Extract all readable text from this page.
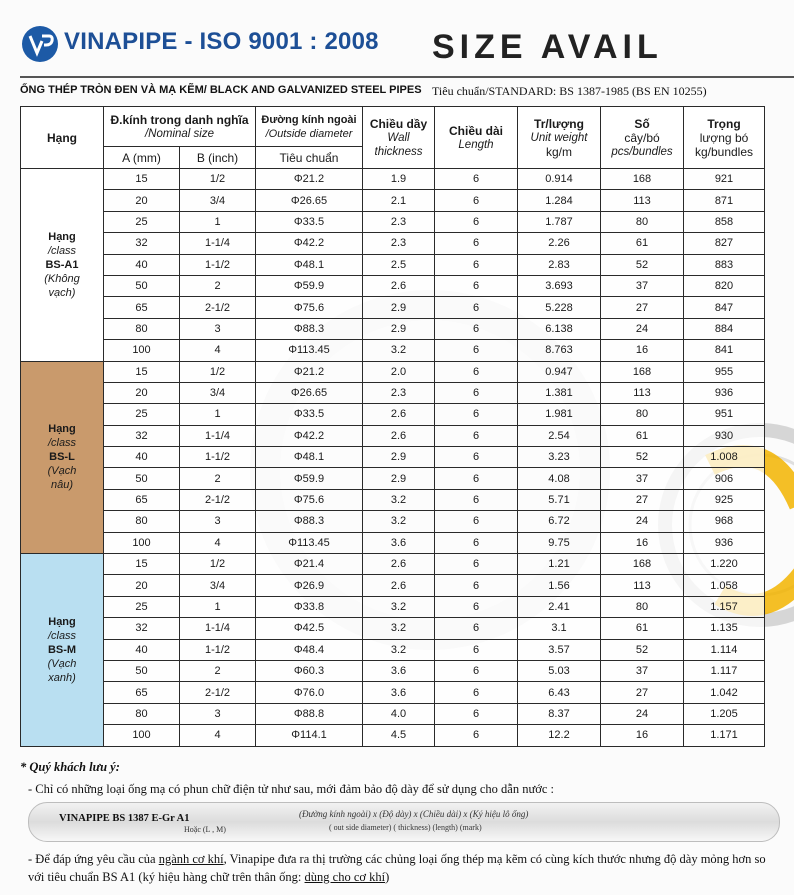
VINAPIPE - ISO 9001 : 2008 SIZE AVAIL
ỐNG THÉP TRÒN ĐEN VÀ MẠ KẼM/ BLACK AND GALVANIZED STEEL PIPES Tiêu chuẩn/STANDARD: BS 1387-1985 (BS EN 10255)
Hạng	Đ.kính trong danh nghĩa
/Nominal size		Đường kính ngoài
/Outside diameter	Chiều dầy
Wall
thickness	Chiều dài
Length	Tr/lượng
Unit weight
kg/m	Số
cây/bó
pcs/bundles	Trọng
lượng bó
kg/bundles

	A (mm)	B (inch)	Tiêu chuẩn					

Hạng
/class
BS-A1
(Không
vạch)	15	1/2	Φ21.2	1.9	6	0.914	168	921
	20	3/4	Φ26.65	2.1	6	1.284	113	871
	25	1	Φ33.5	2.3	6	1.787	80	858
	32	1-1/4	Φ42.2	2.3	6	2.26	61	827
	40	1-1/2	Φ48.1	2.5	6	2.83	52	883
	50	2	Φ59.9	2.6	6	3.693	37	820
	65	2-1/2	Φ75.6	2.9	6	5.228	27	847
	80	3	Φ88.3	2.9	6	6.138	24	884
	100	4	Φ113.45	3.2	6	8.763	16	841

Hạng
/class
BS-L
(Vạch
nâu)	15	1/2	Φ21.2	2.0	6	0.947	168	955
	20	3/4	Φ26.65	2.3	6	1.381	113	936
	25	1	Φ33.5	2.6	6	1.981	80	951
	32	1-1/4	Φ42.2	2.6	6	2.54	61	930
	40	1-1/2	Φ48.1	2.9	6	3.23	52	1.008
	50	2	Φ59.9	2.9	6	4.08	37	906
	65	2-1/2	Φ75.6	3.2	6	5.71	27	925
	80	3	Φ88.3	3.2	6	6.72	24	968
	100	4	Φ113.45	3.6	6	9.75	16	936

Hạng
/class
BS-M
(Vạch
xanh)	15	1/2	Φ21.4	2.6	6	1.21	168	1.220
	20	3/4	Φ26.9	2.6	6	1.56	113	1.058
	25	1	Φ33.8	3.2	6	2.41	80	1.157
	32	1-1/4	Φ42.5	3.2	6	3.1	61	1.135
	40	1-1/2	Φ48.4	3.2	6	3.57	52	1.114
	50	2	Φ60.3	3.6	6	5.03	37	1.117
	65	2-1/2	Φ76.0	3.6	6	6.43	27	1.042
	80	3	Φ88.8	4.0	6	8.37	24	1.205
	100	4	Φ114.1	4.5	6	12.2	16	1.171
* Quý khách lưu ý:
- Chỉ có những loại ống mạ có phun chữ điện tử như sau, mới đảm bảo độ dày để sử dụng cho dẫn nước :
VINAPIPE BS 1387 E-Gr A1
Hoặc (L , M)
(Đường kính ngoài) x (Độ dày) x (Chiều dài) x (Ký hiệu lô ống)
( out side diameter) ( thickness) (length) (mark)
- Để đáp ứng yêu cầu của ngành cơ khí, Vinapipe đưa ra thị trường các chủng loại ống thép mạ kẽm có cùng kích thước nhưng độ dày mỏng hơn so với tiêu chuẩn BS A1 (ký hiệu hàng chữ trên thân ống: dùng cho cơ khí)
